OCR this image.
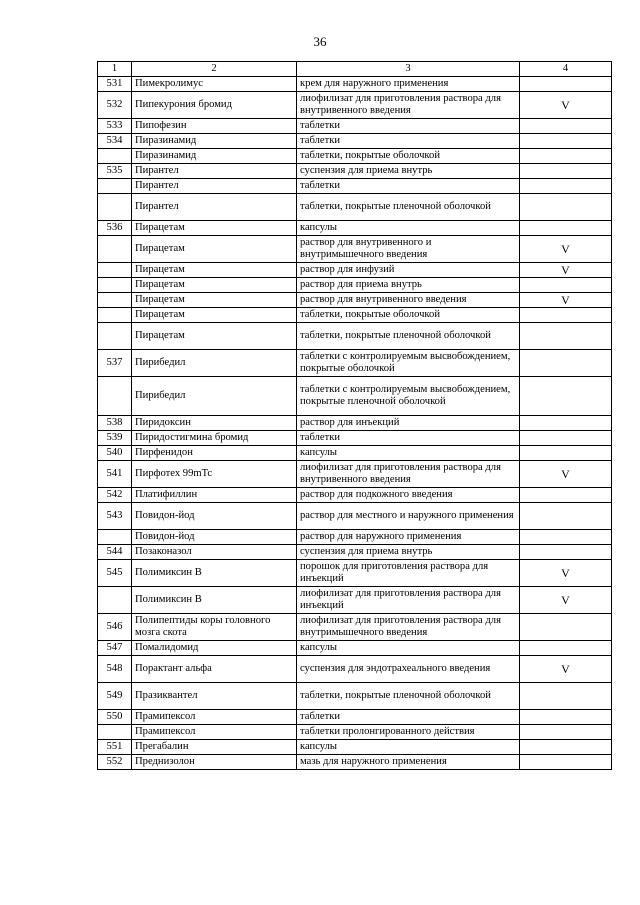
36
1	2	3	4
531	Пимекролимус	крем для наружного применения	
532	Пипекурония бромид	лиофилизат для приготовления раствора для внутривенного введения	V
533	Пипофезин	таблетки	
534	Пиразинамид	таблетки	
	Пиразинамид	таблетки, покрытые оболочкой	
535	Пирантел	суспензия для приема внутрь	
	Пирантел	таблетки	
	Пирантел	таблетки, покрытые пленочной оболочкой	
536	Пирацетам	капсулы	
	Пирацетам	раствор для внутривенного и внутримышечного введения	V
	Пирацетам	раствор для инфузий	V
	Пирацетам	раствор для приема внутрь	
	Пирацетам	раствор для внутривенного введения	V
	Пирацетам	таблетки, покрытые оболочкой	
	Пирацетам	таблетки, покрытые пленочной оболочкой	
537	Пирибедил	таблетки с контролируемым высвобождением, покрытые оболочкой	
	Пирибедил	таблетки с контролируемым высвобождением, покрытые пленочной оболочкой	
538	Пиридоксин	раствор для инъекций	
539	Пиридостигмина бромид	таблетки	
540	Пирфенидон	капсулы	
541	Пирфотех 99mTc	лиофилизат для приготовления раствора для внутривенного введения	V
542	Платифиллин	раствор для подкожного введения	
543	Повидон-йод	раствор для местного и наружного применения	
	Повидон-йод	раствор для наружного применения	
544	Позаконазол	суспензия для приема внутрь	
545	Полимиксин В	порошок для приготовления раствора для инъекций	V
	Полимиксин В	лиофилизат для приготовления раствора для инъекций	V
546	Полипептиды коры головного мозга скота	лиофилизат для приготовления раствора для внутримышечного введения	
547	Помалидомид	капсулы	
548	Порактант альфа	суспензия для эндотрахеального введения	V
549	Празиквантел	таблетки, покрытые пленочной оболочкой	
550	Прамипексол	таблетки	
	Прамипексол	таблетки пролонгированного действия	
551	Прегабалин	капсулы	
552	Преднизолон	мазь для наружного применения	
